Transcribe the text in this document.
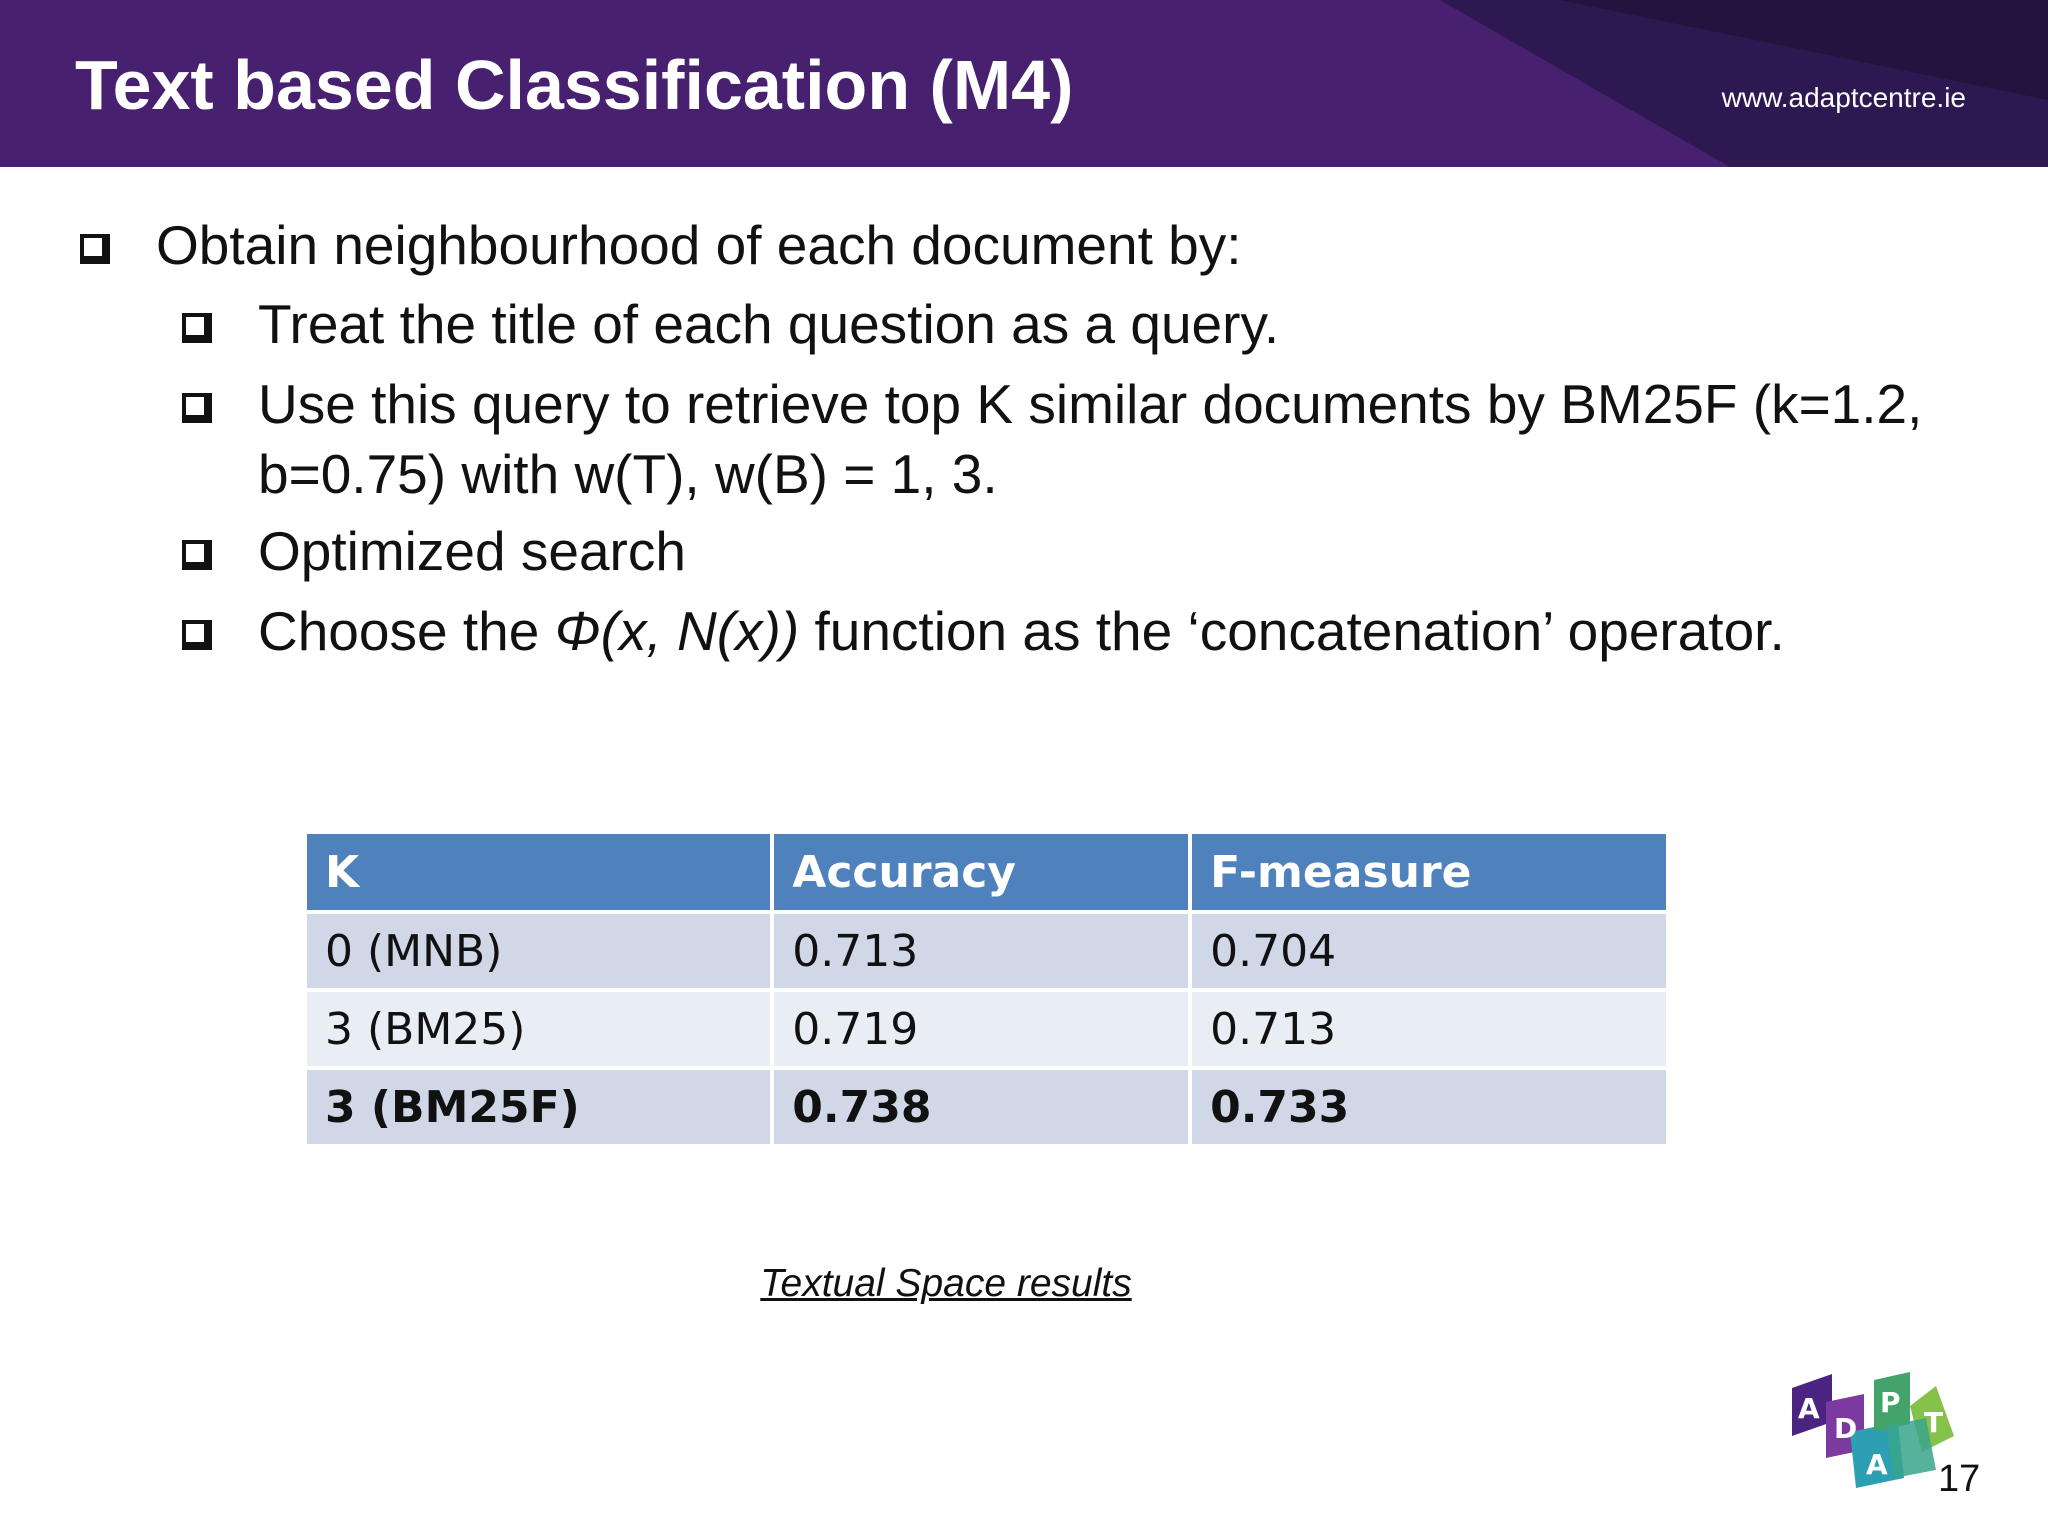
Text based Classification (M4)	www.adaptcentre.ie
Obtain neighbourhood of each document by:
Treat the title of each question as a query.
Use this query to retrieve top K similar documents by BM25F (k=1.2, b=0.75) with w(T), w(B) = 1, 3.
Optimized search
Choose the Φ(x, N(x)) function as the ‘concatenation’ operator.
K	Accuracy	F-measure
0 (MNB)	0.713	0.704
3 (BM25)	0.719	0.713
3 (BM25F)	0.738	0.733
Textual Space results
A
D
A
P
T
17
